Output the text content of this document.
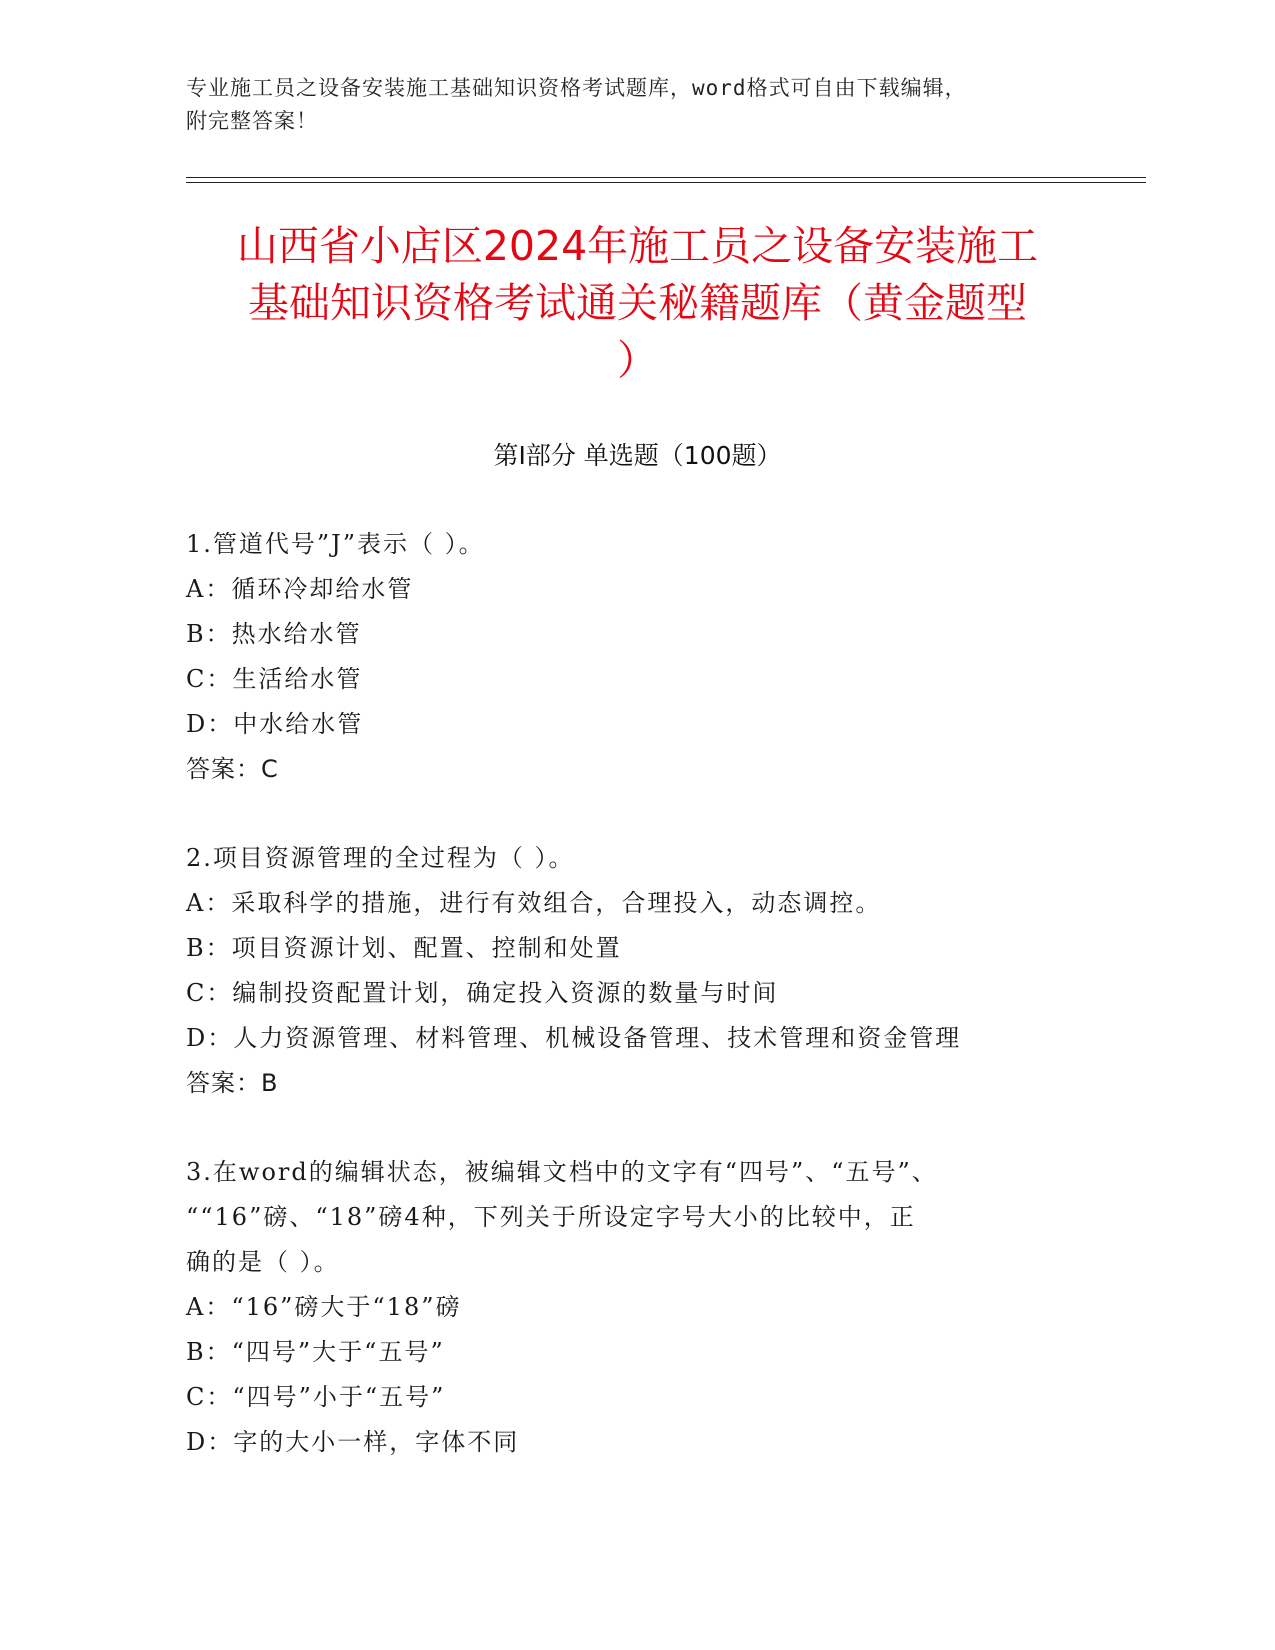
专业施工员之设备安装施工基础知识资格考试题库，word格式可自由下载编辑，
附完整答案！
山西省小店区2024年施工员之设备安装施工
基础知识资格考试通关秘籍题库（黄金题型
）
第Ⅰ部分 单选题（100题）
1.管道代号”J”表示（ ）。
A：循环冷却给水管
B：热水给水管
C：生活给水管
D：中水给水管
答案：C
2.项目资源管理的全过程为（ ）。
A：采取科学的措施，进行有效组合，合理投入，动态调控。
B：项目资源计划、配置、控制和处置
C：编制投资配置计划，确定投入资源的数量与时间
D：人力资源管理、材料管理、机械设备管理、技术管理和资金管理
答案：B
3.在word的编辑状态，被编辑文档中的文字有“四号”、“五号”、
““16”磅、“18”磅4种，下列关于所设定字号大小的比较中，正
确的是（ ）。
A：“16”磅大于“18”磅
B：“四号”大于“五号”
C：“四号”小于“五号”
D：字的大小一样，字体不同
